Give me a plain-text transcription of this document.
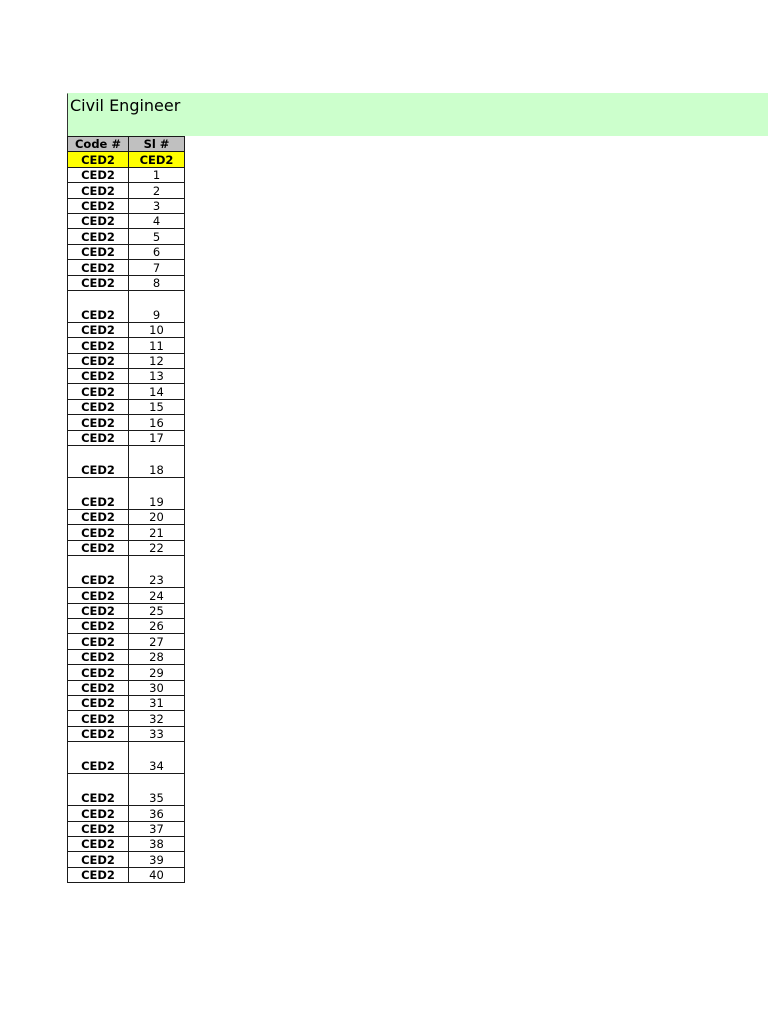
Civil Engineer
Code #	Sl #
CED2	CED2
CED2	1
CED2	2
CED2	3
CED2	4
CED2	5
CED2	6
CED2	7
CED2	8
CED2	9
CED2	10
CED2	11
CED2	12
CED2	13
CED2	14
CED2	15
CED2	16
CED2	17
CED2	18
CED2	19
CED2	20
CED2	21
CED2	22
CED2	23
CED2	24
CED2	25
CED2	26
CED2	27
CED2	28
CED2	29
CED2	30
CED2	31
CED2	32
CED2	33
CED2	34
CED2	35
CED2	36
CED2	37
CED2	38
CED2	39
CED2	40
